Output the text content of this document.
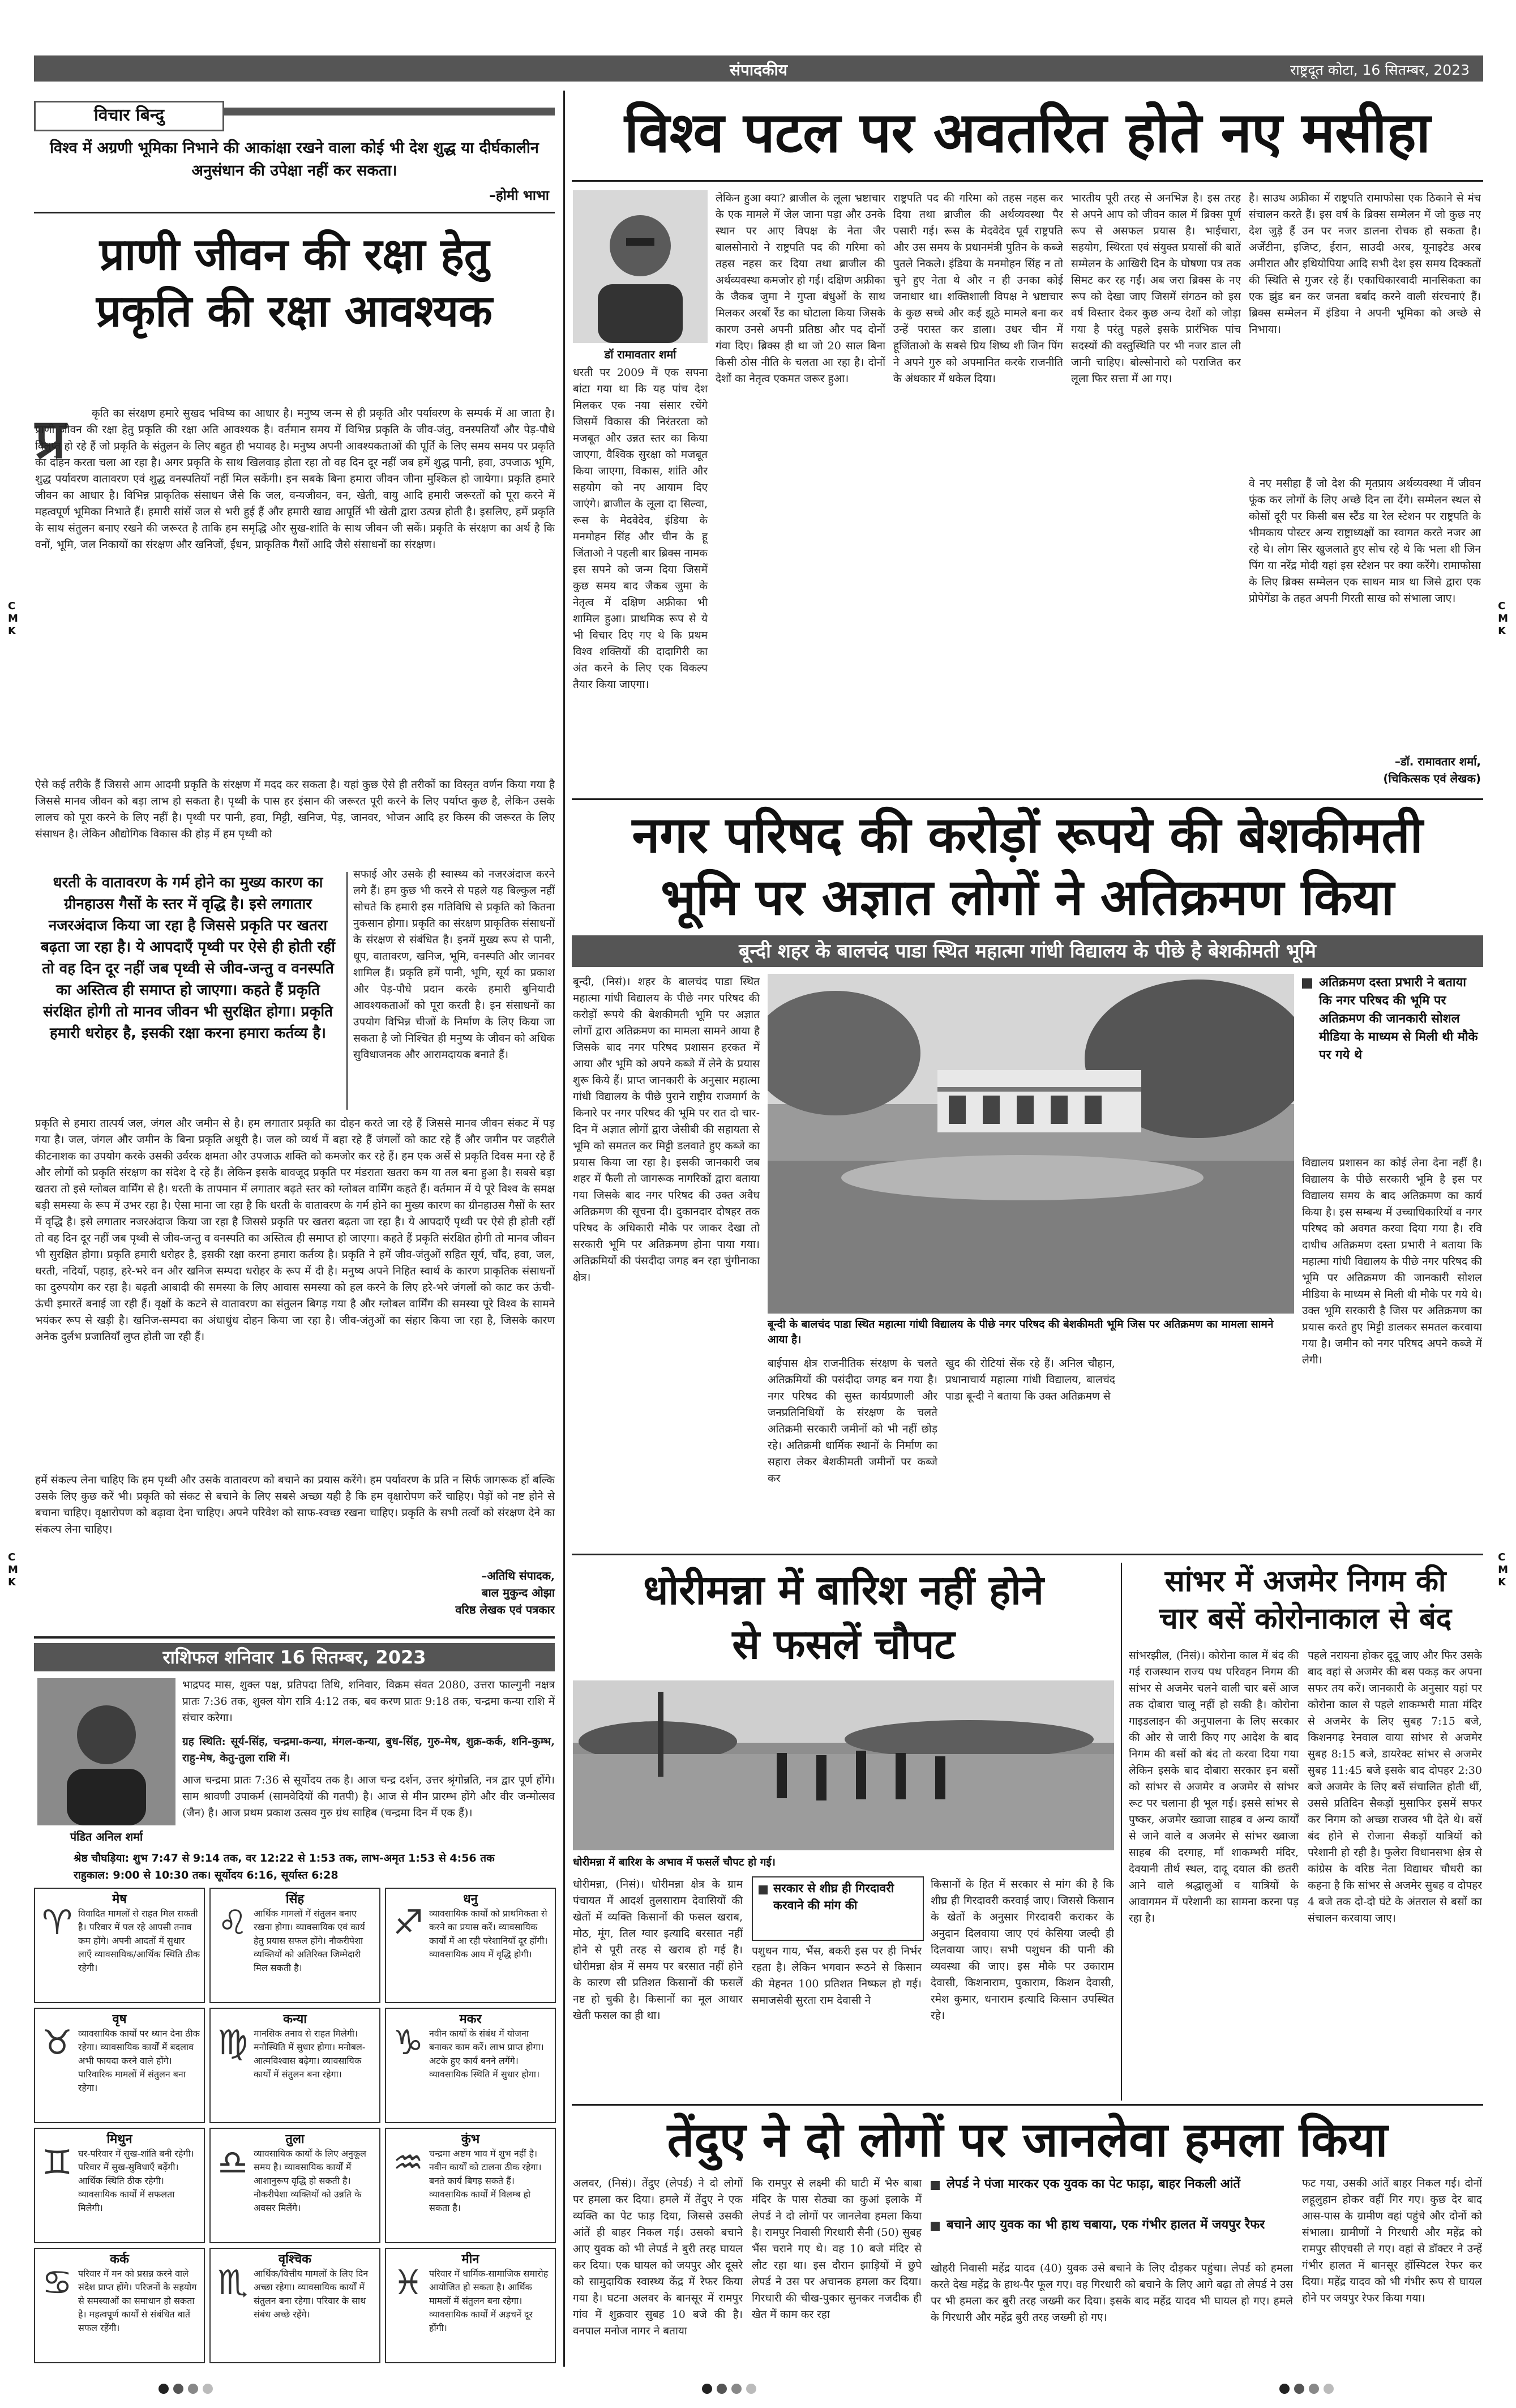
संपादकीय	राष्ट्रदूत कोटा, 16 सितम्बर, 2023
C
M
K
C
M
K
C
M
K
C
M
K
विचार बिन्दु
विश्व में अग्रणी भूमिका निभाने की आकांक्षा रखने वाला कोई भी देश शुद्ध या दीर्घकालीन अनुसंधान की उपेक्षा नहीं कर सकता।
–होमी भाभा
प्राणी जीवन की रक्षा हेतु
प्रकृति की रक्षा आवश्यक
प्र	कृति का संरक्षण हमारे सुखद भविष्य का आधार है। मनुष्य जन्म से ही प्रकृति और पर्यावरण के सम्पर्क में आ जाता है। प्राणी जीवन की रक्षा हेतु प्रकृति की रक्षा अति आवश्यक है। वर्तमान समय में विभिन्न प्रकृति के जीव-जंतु, वनस्पतियाँ और पेड़-पौधे विलुप्त हो रहे हैं जो प्रकृति के संतुलन के लिए बहुत ही भयावह है। मनुष्य अपनी आवश्यकताओं की पूर्ति के लिए समय समय पर प्रकृति का दोहन करता चला आ रहा है। अगर प्रकृति के साथ खिलवाड़ होता रहा तो वह दिन दूर नहीं जब हमें शुद्ध पानी, हवा, उपजाऊ भूमि, शुद्ध पर्यावरण वातावरण एवं शुद्ध वनस्पतियाँ नहीं मिल सकेंगी। इन सबके बिना हमारा जीवन जीना मुश्किल हो जायेगा। प्रकृति हमारे जीवन का आधार है। विभिन्न प्राकृतिक संसाधन जैसे कि जल, वन्यजीवन, वन, खेती, वायु आदि हमारी जरूरतों को पूरा करने में महत्वपूर्ण भूमिका निभाते हैं। हमारी सांसें जल से भरी हुई हैं और हमारी खाद्य आपूर्ति भी खेती द्वारा उत्पन्न होती है। इसलिए, हमें प्रकृति के साथ संतुलन बनाए रखने की जरूरत है ताकि हम समृद्धि और सुख-शांति के साथ जीवन जी सकें। प्रकृति के संरक्षण का अर्थ है कि वनों, भूमि, जल निकायों का संरक्षण और खनिजों, ईंधन, प्राकृतिक गैसों आदि जैसे संसाधनों का संरक्षण।
ऐसे कई तरीके हैं जिससे आम आदमी प्रकृति के संरक्षण में मदद कर सकता है। यहां कुछ ऐसे ही तरीकों का विस्तृत वर्णन किया गया है जिससे मानव जीवन को बड़ा लाभ हो सकता है। पृथ्वी के पास हर इंसान की जरूरत पूरी करने के लिए पर्याप्त कुछ है, लेकिन उसके लालच को पूरा करने के लिए नहीं है। पृथ्वी पर पानी, हवा, मिट्टी, खनिज, पेड़, जानवर, भोजन आदि हर किस्म की जरूरत के लिए संसाधन है। लेकिन औद्योगिक विकास की होड़ में हम पृथ्वी को
धरती के वातावरण के गर्म होने का मुख्य कारण का ग्रीनहाउस गैसों के स्तर में वृद्धि है। इसे लगातार नजरअंदाज किया जा रहा है जिससे प्रकृति पर खतरा बढ़ता जा रहा है। ये आपदाएँ पृथ्वी पर ऐसे ही होती रहीं तो वह दिन दूर नहीं जब पृथ्वी से जीव-जन्तु व वनस्पति का अस्तित्व ही समाप्त हो जाएगा। कहते हैं प्रकृति संरक्षित होगी तो मानव जीवन भी सुरक्षित होगा। प्रकृति हमारी धरोहर है, इसकी रक्षा करना हमारा कर्तव्य है।
सफाई और उसके ही स्वास्थ्य को नजरअंदाज करने लगे हैं। हम कुछ भी करने से पहले यह बिल्कुल नहीं सोचते कि हमारी इस गतिविधि से प्रकृति को कितना नुकसान होगा। प्रकृति का संरक्षण प्राकृतिक संसाधनों के संरक्षण से संबंधित है। इनमें मुख्य रूप से पानी, धूप, वातावरण, खनिज, भूमि, वनस्पति और जानवर शामिल हैं। प्रकृति हमें पानी, भूमि, सूर्य का प्रकाश और पेड़-पौधे प्रदान करके हमारी बुनियादी आवश्यकताओं को पूरा करती है। इन संसाधनों का उपयोग विभिन्न चीजों के निर्माण के लिए किया जा सकता है जो निश्चित ही मनुष्य के जीवन को अधिक सुविधाजनक और आरामदायक बनाते हैं।
प्रकृति से हमारा तात्पर्य जल, जंगल और जमीन से है। हम लगातार प्रकृति का दोहन करते जा रहे हैं जिससे मानव जीवन संकट में पड़ गया है। जल, जंगल और जमीन के बिना प्रकृति अधूरी है। जल को व्यर्थ में बहा रहे हैं जंगलों को काट रहे हैं और जमीन पर जहरीले कीटनाशक का उपयोग करके उसकी उर्वरक क्षमता और उपजाऊ शक्ति को कमजोर कर रहे हैं। हम एक अर्से से प्रकृति दिवस मना रहे हैं और लोगों को प्रकृति संरक्षण का संदेश दे रहे हैं। लेकिन इसके बावजूद प्रकृति पर मंडराता खतरा कम या तल बना हुआ है। सबसे बड़ा खतरा तो इसे ग्लोबल वार्मिंग से है। धरती के तापमान में लगातार बढ़ते स्तर को ग्लोबल वार्मिंग कहते हैं। वर्तमान में ये पूरे विश्व के समक्ष बड़ी समस्या के रूप में उभर रहा है। ऐसा माना जा रहा है कि धरती के वातावरण के गर्म होने का मुख्य कारण का ग्रीनहाउस गैसों के स्तर में वृद्धि है। इसे लगातार नजरअंदाज किया जा रहा है जिससे प्रकृति पर खतरा बढ़ता जा रहा है। ये आपदाएँ पृथ्वी पर ऐसे ही होती रहीं तो वह दिन दूर नहीं जब पृथ्वी से जीव-जन्तु व वनस्पति का अस्तित्व ही समाप्त हो जाएगा। कहते हैं प्रकृति संरक्षित होगी तो मानव जीवन भी सुरक्षित होगा। प्रकृति हमारी धरोहर है, इसकी रक्षा करना हमारा कर्तव्य है। प्रकृति ने हमें जीव-जंतुओं सहित सूर्य, चाँद, हवा, जल, धरती, नदियाँ, पहाड़, हरे-भरे वन और खनिज सम्पदा धरोहर के रूप में दी है। मनुष्य अपने निहित स्वार्थ के कारण प्राकृतिक संसाधनों का दुरुपयोग कर रहा है। बढ़ती आबादी की समस्या के लिए आवास समस्या को हल करने के लिए हरे-भरे जंगलों को काट कर ऊंची-ऊंची इमारतें बनाई जा रही हैं। वृक्षों के कटने से वातावरण का संतुलन बिगड़ गया है और ग्लोबल वार्मिंग की समस्या पूरे विश्व के सामने भयंकर रूप से खड़ी है। खनिज-सम्पदा का अंधाधुंध दोहन किया जा रहा है। जीव-जंतुओं का संहार किया जा रहा है, जिसके कारण अनेक दुर्लभ प्रजातियाँ लुप्त होती जा रही हैं।
हमें संकल्प लेना चाहिए कि हम पृथ्वी और उसके वातावरण को बचाने का प्रयास करेंगे। हम पर्यावरण के प्रति न सिर्फ जागरूक हों बल्कि उसके लिए कुछ करें भी। प्रकृति को संकट से बचाने के लिए सबसे अच्छा यही है कि हम वृक्षारोपण करें चाहिए। पेड़ों को नष्ट होने से बचाना चाहिए। वृक्षारोपण को बढ़ावा देना चाहिए। अपने परिवेश को साफ-स्वच्छ रखना चाहिए। प्रकृति के सभी तत्वों को संरक्षण देने का संकल्प लेना चाहिए।
–अतिथि संपादक,
बाल मुकुन्द ओझा
वरिष्ठ लेखक एवं पत्रकार
राशिफल शनिवार 16 सितम्बर, 2023
पंडित अनिल शर्मा
भाद्रपद मास, शुक्ल पक्ष, प्रतिपदा तिथि, शनिवार, विक्रम संवत 2080, उत्तरा फाल्गुनी नक्षत्र प्रातः 7:36 तक, शुक्ल योग रात्रि 4:12 तक, बव करण प्रातः 9:18 तक, चन्द्रमा कन्या राशि में संचार करेगा।
ग्रह स्थिति: सूर्य-सिंह, चन्द्रमा-कन्या, मंगल-कन्या, बुध-सिंह, गुरु-मेष, शुक्र-कर्क, शनि-कुम्भ, राहु-मेष, केतु-तुला राशि में।
आज चन्द्रमा प्रातः 7:36 से सूर्योदय तक है। आज चन्द्र दर्शन, उत्तर श्रृंगोन्नति, नत्र द्वार पूर्ण होंगे। साम श्रावणी उपाकर्म (सामवेदियों की गतपी) है। आज से मीन प्रारम्भ होंगे और वीर जन्मोत्सव (जैन) है। आज प्रथम प्रकाश उत्सव गुरु ग्रंथ साहिब (चन्द्रमा दिन में एक हैं)।
श्रेष्ठ चौघड़िया: शुभ 7:47 से 9:14 तक, वर 12:22 से 1:53 तक, लाभ-अमृत 1:53 से 4:56 तक
राहुकाल: 9:00 से 10:30 तक। सूर्योदय 6:16, सूर्यास्त 6:28
मेष
♈ विवादित मामलों से राहत मिल सकती है। परिवार में पल रहे आपसी तनाव कम होंगे। अपनी आदतों में सुधार लाएँ व्यावसायिक/आर्थिक स्थिति ठीक रहेगी।
सिंह
♌ आर्थिक मामलों में संतुलन बनाए रखना होगा। व्यावसायिक एवं कार्य हेतु प्रयास सफल होंगे। नौकरीपेशा व्यक्तियों को अतिरिक्त जिम्मेदारी मिल सकती है।
धनु
♐ व्यावसायिक कार्यों को प्राथमिकता से करने का प्रयास करें। व्यावसायिक कार्यों में आ रही परेशानियाँ दूर होंगी। व्यावसायिक आय में वृद्धि होगी।
वृष
♉ व्यावसायिक कार्यों पर ध्यान देना ठीक रहेगा। व्यावसायिक कार्यों में बदलाव अभी फायदा करने वाले होंगे। पारिवारिक मामलों में संतुलन बना रहेगा।
कन्या
♍ मानसिक तनाव से राहत मिलेगी। मनोस्थिति में सुधार होगा। मनोबल-आत्मविश्वास बढ़ेगा। व्यावसायिक कार्यों में संतुलन बना रहेगा।
मकर
♑ नवीन कार्यों के संबंध में योजना बनाकर काम करें। लाभ प्राप्त होगा। अटके हुए कार्य बनने लगेंगे। व्यावसायिक स्थिति में सुधार होगा।
मिथुन
♊ घर-परिवार में सुख-शांति बनी रहेगी। परिवार में सुख-सुविधाएँ बढ़ेंगी। आर्थिक स्थिति ठीक रहेगी। व्यावसायिक कार्यों में सफलता मिलेगी।
तुला
♎ व्यावसायिक कार्यों के लिए अनुकूल समय है। व्यावसायिक कार्यों में आशानुरूप वृद्धि हो सकती है। नौकरीपेशा व्यक्तियों को उन्नति के अवसर मिलेंगे।
कुंभ
♒ चन्द्रमा अष्टम भाव में शुभ नहीं है। नवीन कार्यों को टालना ठीक रहेगा। बनते कार्य बिगड़ सकते हैं। व्यावसायिक कार्यों में विलम्ब हो सकता है।
कर्क
♋ परिवार में मन को प्रसन्न करने वाले संदेश प्राप्त होंगे। परिजनों के सहयोग से समस्याओं का समाधान हो सकता है। महत्वपूर्ण कार्यों से संबंधित बातें सफल रहेंगी।
वृश्चिक
♏ आर्थिक/वित्तीय मामलों के लिए दिन अच्छा रहेगा। व्यावसायिक कार्यों में संतुलन बना रहेगा। परिवार के साथ संबंध अच्छे रहेंगे।
मीन
♓ परिवार में धार्मिक-सामाजिक समारोह आयोजित हो सकता है। आर्थिक मामलों में संतुलन बना रहेगा। व्यावसायिक कार्यों में अड़चनें दूर होंगी।
विश्व पटल पर अवतरित होते नए मसीहा
डॉ रामावतार शर्मा
धरती पर 2009 में एक सपना बांटा गया था कि यह पांच देश मिलकर एक नया संसार रचेंगे जिसमें विकास की निरंतरता को मजबूत और उन्नत स्तर का किया जाएगा, वैश्विक सुरक्षा को मजबूत किया जाएगा, विकास, शांति और सहयोग को नए आयाम दिए जाएंगे। ब्राजील के लूला दा सिल्वा, रूस के मेदवेदेव, इंडिया के मनमोहन सिंह और चीन के हू जिंताओ ने पहली बार ब्रिक्स नामक इस सपने को जन्म दिया जिसमें कुछ समय बाद जैकब जुमा के नेतृत्व में दक्षिण अफ्रीका भी शामिल हुआ। प्राथमिक रूप से ये भी विचार दिए गए थे कि प्रथम विश्व शक्तियों की दादागिरी का अंत करने के लिए एक विकल्प तैयार किया जाएगा।
लेकिन हुआ क्या? ब्राजील के लूला भ्रष्टाचार के एक मामले में जेल जाना पड़ा और उनके स्थान पर आए विपक्ष के नेता जैर बालसोनारो ने राष्ट्रपति पद की गरिमा को तहस नहस कर दिया तथा ब्राजील की अर्थव्यवस्था कमजोर हो गई। दक्षिण अफ्रीका के जैकब जुमा ने गुप्ता बंधुओं के साथ मिलकर अरबों रैंड का घोटाला किया जिसके कारण उनसे अपनी प्रतिष्ठा और पद दोनों गंवा दिए। ब्रिक्स ही था जो 20 साल बिना किसी ठोस नीति के चलता आ रहा है। दोनों देशों का नेतृत्व एकमत जरूर हुआ।
राष्ट्रपति पद की गरिमा को तहस नहस कर दिया तथा ब्राजील की अर्थव्यवस्था पैर पसारी गई। रूस के मेदवेदेव पूर्व राष्ट्रपति और उस समय के प्रधानमंत्री पुतिन के कब्जे पुतले निकले। इंडिया के मनमोहन सिंह न तो चुने हुए नेता थे और न ही उनका कोई जनाधार था। शक्तिशाली विपक्ष ने भ्रष्टाचार के कुछ सच्चे और कई झूठे मामले बना कर उन्हें परास्त कर डाला। उधर चीन में हूजिंताओ के सबसे प्रिय शिष्य शी जिन पिंग ने अपने गुरु को अपमानित करके राजनीति के अंधकार में धकेल दिया।
भारतीय पूरी तरह से अनभिज्ञ है। इस तरह से अपने आप को जीवन काल में ब्रिक्स पूर्ण रूप से असफल प्रयास है। भाईचारा, सहयोग, स्थिरता एवं संयुक्त प्रयासों की बातें सम्मेलन के आखिरी दिन के घोषणा पत्र तक सिमट कर रह गईं। अब जरा ब्रिक्स के नए रूप को देखा जाए जिसमें संगठन को इस वर्ष विस्तार देकर कुछ अन्य देशों को जोड़ा गया है परंतु पहले इसके प्रारंभिक पांच सदस्यों की वस्तुस्थिति पर भी नजर डाल ली जानी चाहिए। बोल्सोनारो को पराजित कर लूला फिर सत्ता में आ गए।
है। साउथ अफ्रीका में राष्ट्रपति रामाफोसा एक ठिकाने से मंच संचालन करते हैं। इस वर्ष के ब्रिक्स सम्मेलन में जो कुछ नए देश जुड़े हैं उन पर नजर डालना रोचक हो सकता है। अर्जेंटीना, इजिप्ट, ईरान, साउदी अरब, यूनाइटेड अरब अमीरात और इथियोपिया आदि सभी देश इस समय दिक्कतों की स्थिति से गुजर रहे हैं। एकाधिकारवादी मानसिकता का एक झुंड बन कर जनता बर्बाद करने वाली संरचनाएं हैं। ब्रिक्स सम्मेलन में इंडिया ने अपनी भूमिका को अच्छे से निभाया।
वे नए मसीहा हैं जो देश की मृतप्राय अर्थव्यवस्था में जीवन फूंक कर लोगों के लिए अच्छे दिन ला देंगे। सम्मेलन स्थल से कोसों दूरी पर किसी बस स्टैंड या रेल स्टेशन पर राष्ट्रपति के भीमकाय पोस्टर अन्य राष्ट्राध्यक्षों का स्वागत करते नजर आ रहे थे। लोग सिर खुजलाते हुए सोच रहे थे कि भला शी जिन पिंग या नरेंद्र मोदी यहां इस स्टेशन पर क्या करेंगे। रामाफोसा के लिए ब्रिक्स सम्मेलन एक साधन मात्र था जिसे द्वारा एक प्रोपेगेंडा के तहत अपनी गिरती साख को संभाला जाए।
–डॉ. रामावतार शर्मा,
(चिकित्सक एवं लेखक)
नगर परिषद की करोड़ों रूपये की बेशकीमती
भूमि पर अज्ञात लोगों ने अतिक्रमण किया
बून्दी शहर के बालचंद पाडा स्थित महात्मा गांधी विद्यालय के पीछे है बेशकीमती भूमि
बून्दी, (निसं)। शहर के बालचंद पाडा स्थित महात्मा गांधी विद्यालय के पीछे नगर परिषद की करोड़ों रूपये की बेशकीमती भूमि पर अज्ञात लोगों द्वारा अतिक्रमण का मामला सामने आया है जिसके बाद नगर परिषद प्रशासन हरकत में आया और भूमि को अपने कब्जे में लेने के प्रयास शुरू किये हैं। प्राप्त जानकारी के अनुसार महात्मा गांधी विद्यालय के पीछे पुराने राष्ट्रीय राजमार्ग के किनारे पर नगर परिषद की भूमि पर रात दो चार-दिन में अज्ञात लोगों द्वारा जेसीबी की सहायता से भूमि को समतल कर मिट्टी डलवाते हुए कब्जे का प्रयास किया जा रहा है। इसकी जानकारी जब शहर में फैली तो जागरूक नागरिकों द्वारा बताया गया जिसके बाद नगर परिषद की उक्त अवैध अतिक्रमण की सूचना दी। दुकानदार दोषहर तक परिषद के अधिकारी मौके पर जाकर देखा तो सरकारी भूमि पर अतिक्रमण होना पाया गया। अतिक्रमियों की पंसदीदा जगह बन रहा चुंगीनाका क्षेत्र।
बून्दी के बालचंद पाडा स्थित महात्मा गांधी विद्यालय के पीछे नगर परिषद की बेशकीमती भूमि जिस पर अतिक्रमण का मामला सामने आया है।
बाईपास क्षेत्र राजनीतिक संरक्षण के चलते अतिक्रमियों की पसंदीदा जगह बन गया है। नगर परिषद की सुस्त कार्यप्रणाली और जनप्रतिनिधियों के संरक्षण के चलते अतिक्रमी सरकारी जमीनों को भी नहीं छोड़ रहे। अतिक्रमी धार्मिक स्थानों के निर्माण का सहारा लेकर बेशकीमती जमीनों पर कब्जे कर
खुद की रोटियां सेंक रहे हैं। अनिल चौहान, प्रधानाचार्य महात्मा गांधी विद्यालय, बालचंद पाडा बून्दी ने बताया कि उक्त अतिक्रमण से
अतिक्रमण दस्ता प्रभारी ने बताया कि नगर परिषद की भूमि पर अतिक्रमण की जानकारी सोशल मीडिया के माध्यम से मिली थी मौके पर गये थे
विद्यालय प्रशासन का कोई लेना देना नहीं है। विद्यालय के पीछे सरकारी भूमि है इस पर विद्यालय समय के बाद अतिक्रमण का कार्य किया है। इस सम्बन्ध में उच्चाधिकारियों व नगर परिषद को अवगत करवा दिया गया है। रवि दाधीच अतिक्रमण दस्ता प्रभारी ने बताया कि महात्मा गांधी विद्यालय के पीछे नगर परिषद की भूमि पर अतिक्रमण की जानकारी सोशल मीडिया के माध्यम से मिली थी मौके पर गये थे। उक्त भूमि सरकारी है जिस पर अतिक्रमण का प्रयास करते हुए मिट्टी डालकर समतल करवाया गया है। जमीन को नगर परिषद अपने कब्जे में लेगी।
धोरीमन्ना में बारिश नहीं होने
से फसलें चौपट
धोरीमन्ना में बारिश के अभाव में फसलें चौपट हो गई।
धोरीमन्ना, (निसं)। धोरीमन्ना क्षेत्र के ग्राम पंचायत में आदर्श तुलसाराम देवासियों की खेतों में व्यक्ति किसानों की फसल खराब, मोठ, मूंग, तिल ग्वार इत्यादि बरसात नहीं होने से पूरी तरह से खराब हो गई है। धोरीमन्ना क्षेत्र में समय पर बरसात नहीं होने के कारण सी प्रतिशत किसानों की फसलें नष्ट हो चुकी है। किसानों का मूल आधार खेती फसल का ही था।
सरकार से शीघ्र ही गिरदावरी करवाने की मांग की
पशुधन गाय, भैंस, बकरी इस पर ही निर्भर रहता है। लेकिन भगवान रूठने से किसान की मेहनत 100 प्रतिशत निष्फल हो गई। समाजसेवी सुरता राम देवासी ने
किसानों के हित में सरकार से मांग की है कि शीघ्र ही गिरदावरी करवाई जाए। जिससे किसान के खेतों के अनुसार गिरदावरी कराकर के अनुदान दिलवाया जाए एवं केसिया जल्दी ही दिलवाया जाए। सभी पशुधन की पानी की व्यवस्था की जाए। इस मौके पर उकाराम देवासी, किशनाराम, पुकाराम, किशन देवासी, रमेश कुमार, धनाराम इत्यादि किसान उपस्थित रहे।
सांभर में अजमेर निगम की
चार बसें कोरोनाकाल से बंद
सांभरझील, (निसं)। कोरोना काल में बंद की गई राजस्थान राज्य पथ परिवहन निगम की सांभर से अजमेर चलने वाली चार बसें आज तक दोबारा चालू नहीं हो सकी है। कोरोना गाइडलाइन की अनुपालना के लिए सरकार की ओर से जारी किए गए आदेश के बाद निगम की बसों को बंद तो करवा दिया गया लेकिन इसके बाद दोबारा सरकार इन बसों को सांभर से अजमेर व अजमेर से सांभर रूट पर चलाना ही भूल गई। इससे सांभर से पुष्कर, अजमेर ख्वाजा साहब व अन्य कार्यों से जाने वाले व अजमेर से सांभर ख्वाजा साहब की दरगाह, माँ शाकम्भरी मंदिर, देवयानी तीर्थ स्थल, दादू दयाल की छतरी आने वाले श्रद्धालुओं व यात्रियों के आवागमन में परेशानी का सामना करना पड़ रहा है।
पहले नरायना होकर दूदू जाए और फिर उसके बाद वहां से अजमेर की बस पकड़ कर अपना सफर तय करें। जानकारी के अनुसार यहां पर कोरोना काल से पहले शाकम्भरी माता मंदिर से अजमेर के लिए सुबह 7:15 बजे, किशनगढ़ रेनवाल वाया सांभर से अजमेर सुबह 8:15 बजे, डायरेक्ट सांभर से अजमेर सुबह 11:45 बजे इसके बाद दोपहर 2:30 बजे अजमेर के लिए बसें संचालित होती थीं, उससे प्रतिदिन सैकड़ों मुसाफिर इसमें सफर कर निगम को अच्छा राजस्व भी देते थे। बसें बंद होने से रोजाना सैकड़ों यात्रियों को परेशानी हो रही है। फुलेरा विधानसभा क्षेत्र से कांग्रेस के वरिष्ठ नेता विद्याधर चौधरी का कहना है कि सांभर से अजमेर सुबह व दोपहर 4 बजे तक दो-दो घंटे के अंतराल से बसों का संचालन करवाया जाए।
तेंदुए ने दो लोगों पर जानलेवा हमला किया
अलवर, (निसं)। तेंदुए (लेपर्ड) ने दो लोगों पर हमला कर दिया। हमले में तेंदुए ने एक व्यक्ति का पेट फाड़ दिया, जिससे उसकी आंतें ही बाहर निकल गई। उसको बचाने आए युवक को भी लेपर्ड ने बुरी तरह घायल कर दिया। एक घायल को जयपुर और दूसरे को सामुदायिक स्वास्थ्य केंद्र में रेफर किया गया है। घटना अलवर के बानसूर में रामपुर गांव में शुक्रवार सुबह 10 बजे की है। वनपाल मनोज नागर ने बताया
कि रामपुर से लक्ष्मी की घाटी में भैरु बाबा मंदिर के पास सेठ्या का कुआं इलाके में लेपर्ड ने दो लोगों पर जानलेवा हमला किया है। रामपुर निवासी गिरधारी सैनी (50) सुबह भैंस चराने गए थे। वह 10 बजे मंदिर से लौट रहा था। इस दौरान झाड़ियों में छुपे लेपर्ड ने उस पर अचानक हमला कर दिया। गिरधारी की चीख-पुकार सुनकर नजदीक ही खेत में काम कर रहा
लेपर्ड ने पंजा मारकर एक युवक का पेट फाड़ा, बाहर निकली आंतें
बचाने आए युवक का भी हाथ चबाया, एक गंभीर हालत में जयपुर रैफर
खोहरी निवासी महेंद्र यादव (40) युवक उसे बचाने के लिए दौड़कर पहुंचा। लेपर्ड को हमला करते देख महेंद्र के हाथ-पैर फूल गए। वह गिरधारी को बचाने के लिए आगे बढ़ा तो लेपर्ड ने उस पर भी हमला कर बुरी तरह जख्मी कर दिया। इसके बाद महेंद्र यादव भी घायल हो गए। हमले के गिरधारी और महेंद्र बुरी तरह जख्मी हो गए।
फट गया, उसकी आंतें बाहर निकल गई। दोनों लहूलुहान होकर वहीं गिर गए। कुछ देर बाद आस-पास के ग्रामीण वहां पहुंचे और दोनों को संभाला। ग्रामीणों ने गिरधारी और महेंद्र को रामपुर सीएचसी ले गए। वहां से डॉक्टर ने उन्हें गंभीर हालत में बानसूर हॉस्पिटल रेफर कर दिया। महेंद्र यादव को भी गंभीर रूप से घायल होने पर जयपुर रेफर किया गया।
